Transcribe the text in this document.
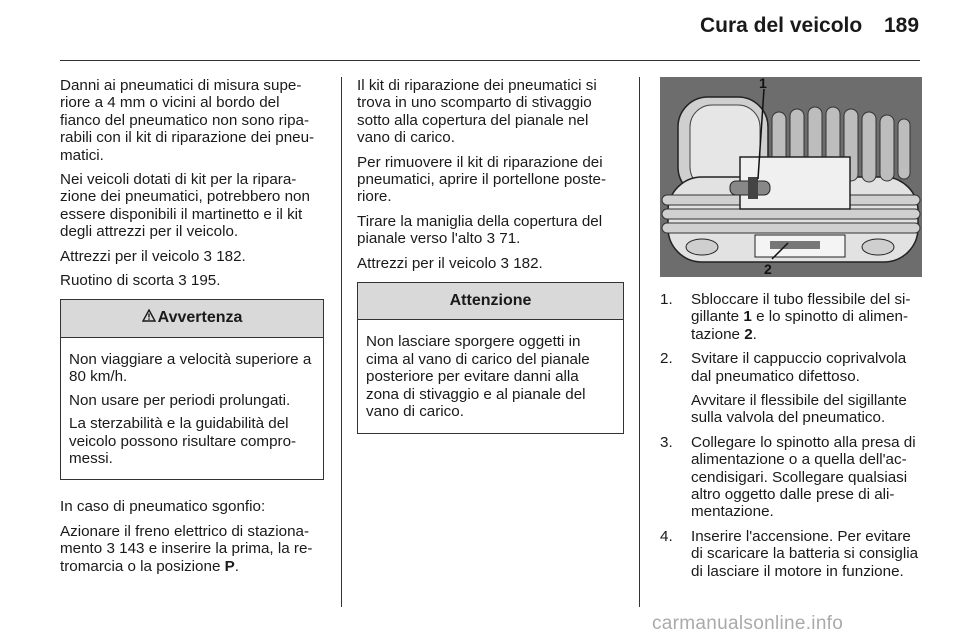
Cura del veicolo 189

Danni ai pneumatici di misura supe-riore a 4 mm o vicini al bordo del fianco del pneumatico non sono ripa-rabili con il kit di riparazione dei pneu-matici.

Nei veicoli dotati di kit per la ripara-zione dei pneumatici, potrebbero non essere disponibili il martinetto e il kit degli attrezzi per il veicolo.

Attrezzi per il veicolo 3 182.

Ruotino di scorta 3 195.

Avvertenza

Non viaggiare a velocità superiore a 80 km/h.

Non usare per periodi prolungati.

La sterzabilità e la guidabilità del veicolo possono risultare compro-messi.

In caso di pneumatico sgonfio:

Azionare il freno elettrico di staziona-mento 3 143 e inserire la prima, la re-tromarcia o la posizione P.

Il kit di riparazione dei pneumatici si trova in uno scomparto di stivaggio sotto alla copertura del pianale nel vano di carico.

Per rimuovere il kit di riparazione dei pneumatici, aprire il portellone poste-riore.

Tirare la maniglia della copertura del pianale verso l'alto 3 71.

Attrezzi per il veicolo 3 182.

Attenzione

Non lasciare sporgere oggetti in cima al vano di carico del pianale posteriore per evitare danni alla zona di stivaggio e al pianale del vano di carico.

1
2
1. Sbloccare il tubo flessibile del si-gillante 1 e lo spinotto di alimen-tazione 2.
2. Svitare il cappuccio coprivalvola dal pneumatico difettoso.

Avvitare il flessibile del sigillante sulla valvola del pneumatico.

3. Collegare lo spinotto alla presa di alimentazione o a quella dell'ac-cendisigari. Scollegare qualsiasi altro oggetto dalle prese di ali-mentazione.
4. Inserire l'accensione. Per evitare di scaricare la batteria si consiglia di lasciare il motore in funzione.
carmanualsonline.info
